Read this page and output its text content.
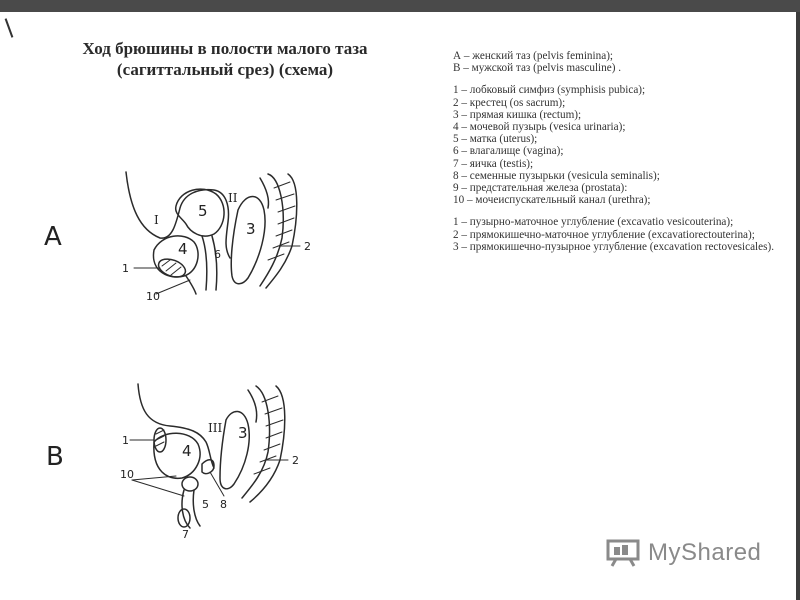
Ход брюшины в полости малого таза
(сагиттальный срез) (схема)
А – женский таз (pelvis feminina);
В – мужской таз (pelvis masculine) .
1 – лобковый симфиз (symphisis pubica);
2 – крестец (os sacrum);
3 – прямая кишка (rectum);
4 – мочевой пузырь (vesica urinaria);
5 – матка (uterus);
6 – влагалище (vagina);
7 – яичка (testis);
8 – семенные пузырьки (vesicula seminalis);
9 – предстательная железа (prostata):
10 – мочеиспускательный канал (urethra);
1 – пузырно-маточное углубление (excavatio vesicouterina);
2 – прямокишечно-маточное углубление (excavatiorectouterina);
3 – прямокишечно-пузырное углубление (excavation rectovesicales).
A
B
5
4
3
6
1
10
2
I
II
4
3
1
10
5 8
7
2
III
MyShared
